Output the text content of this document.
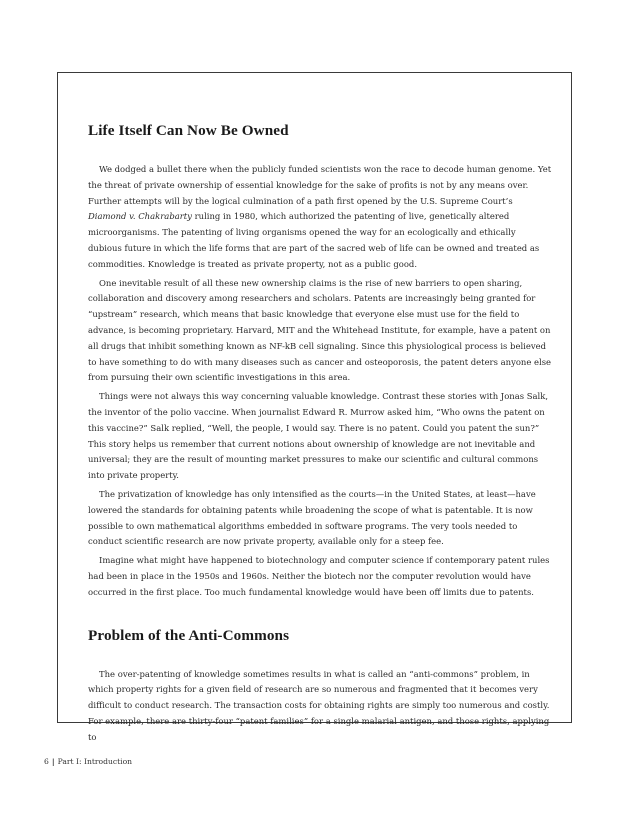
Life Itself Can Now Be Owned

We dodged a bullet there when the publicly funded scientists won the race to decode human genome. Yet the threat of private ownership of essential knowledge for the sake of profits is not by any means over. Further attempts will by the logical culmination of a path first opened by the U.S. Supreme Court’s Diamond v. Chakrabarty ruling in 1980, which authorized the patenting of live, genetically altered microorganisms. The patenting of living organisms opened the way for an ecologically and ethically dubious future in which the life forms that are part of the sacred web of life can be owned and treated as commodities. Knowledge is treated as private property, not as a public good.

One inevitable result of all these new ownership claims is the rise of new barriers to open sharing, collaboration and discovery among researchers and scholars. Patents are increasingly being granted for “upstream” research, which means that basic knowledge that everyone else must use for the field to advance, is becoming proprietary. Harvard, MIT and the Whitehead Institute, for example, have a patent on all drugs that inhibit something known as NF-kB cell signaling. Since this physiological process is believed to have something to do with many diseases such as cancer and osteoporosis, the patent deters anyone else from pursuing their own scientific investigations in this area.

Things were not always this way concerning valuable knowledge. Contrast these stories with Jonas Salk, the inventor of the polio vaccine. When journalist Edward R. Murrow asked him, “Who owns the patent on this vaccine?” Salk replied, “Well, the people, I would say. There is no patent. Could you patent the sun?” This story helps us remember that current notions about ownership of knowledge are not inevitable and universal; they are the result of mounting market pressures to make our scientific and cultural commons into private property.

The privatization of knowledge has only intensified as the courts—in the United States, at least—have lowered the standards for obtaining patents while broadening the scope of what is patentable. It is now possible to own mathematical algorithms embedded in software programs. The very tools needed to conduct scientific research are now private property, available only for a steep fee.

Imagine what might have happened to biotechnology and computer science if contemporary patent rules had been in place in the 1950s and 1960s. Neither the biotech nor the computer revolution would have occurred in the first place. Too much fundamental knowledge would have been off limits due to patents.

Problem of the Anti-Commons

The over-patenting of knowledge sometimes results in what is called an “anti-commons” problem, in which property rights for a given field of research are so numerous and fragmented that it becomes very difficult to conduct research. The transaction costs for obtaining rights are simply too numerous and costly. For example, there are thirty-four “patent families” for a single malarial antigen, and those rights, applying to

6 | Part I: Introduction
